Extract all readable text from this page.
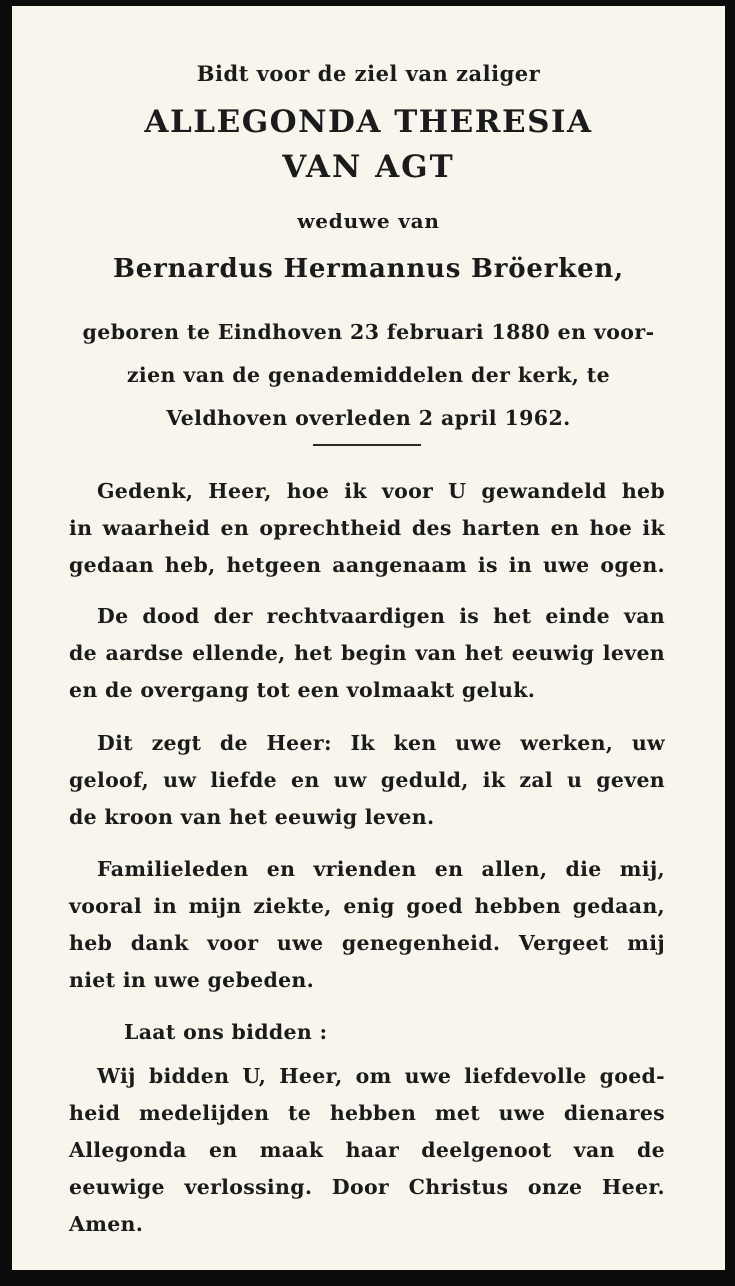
Bidt voor de ziel van zaliger
ALLEGONDA THERESIA
VAN AGT
weduwe van
Bernardus Hermannus Bröerken,
geboren te Eindhoven 23 februari 1880 en voor-
zien van de genademiddelen der kerk, te
Veldhoven overleden 2 april 1962.
Gedenk, Heer, hoe ik voor U gewandeld heb
in waarheid en oprechtheid des harten en hoe ik
gedaan heb, hetgeen aangenaam is in uwe ogen.
De dood der rechtvaardigen is het einde van
de aardse ellende, het begin van het eeuwig leven
en de overgang tot een volmaakt geluk.
Dit zegt de Heer: Ik ken uwe werken, uw
geloof, uw liefde en uw geduld, ik zal u geven
de kroon van het eeuwig leven.
Familieleden en vrienden en allen, die mij,
vooral in mijn ziekte, enig goed hebben gedaan,
heb dank voor uwe genegenheid. Vergeet mij
niet in uwe gebeden.
Laat ons bidden :
Wij bidden U, Heer, om uwe liefdevolle goed-
heid medelijden te hebben met uwe dienares
Allegonda en maak haar deelgenoot van de
eeuwige verlossing. Door Christus onze Heer.
Amen.
